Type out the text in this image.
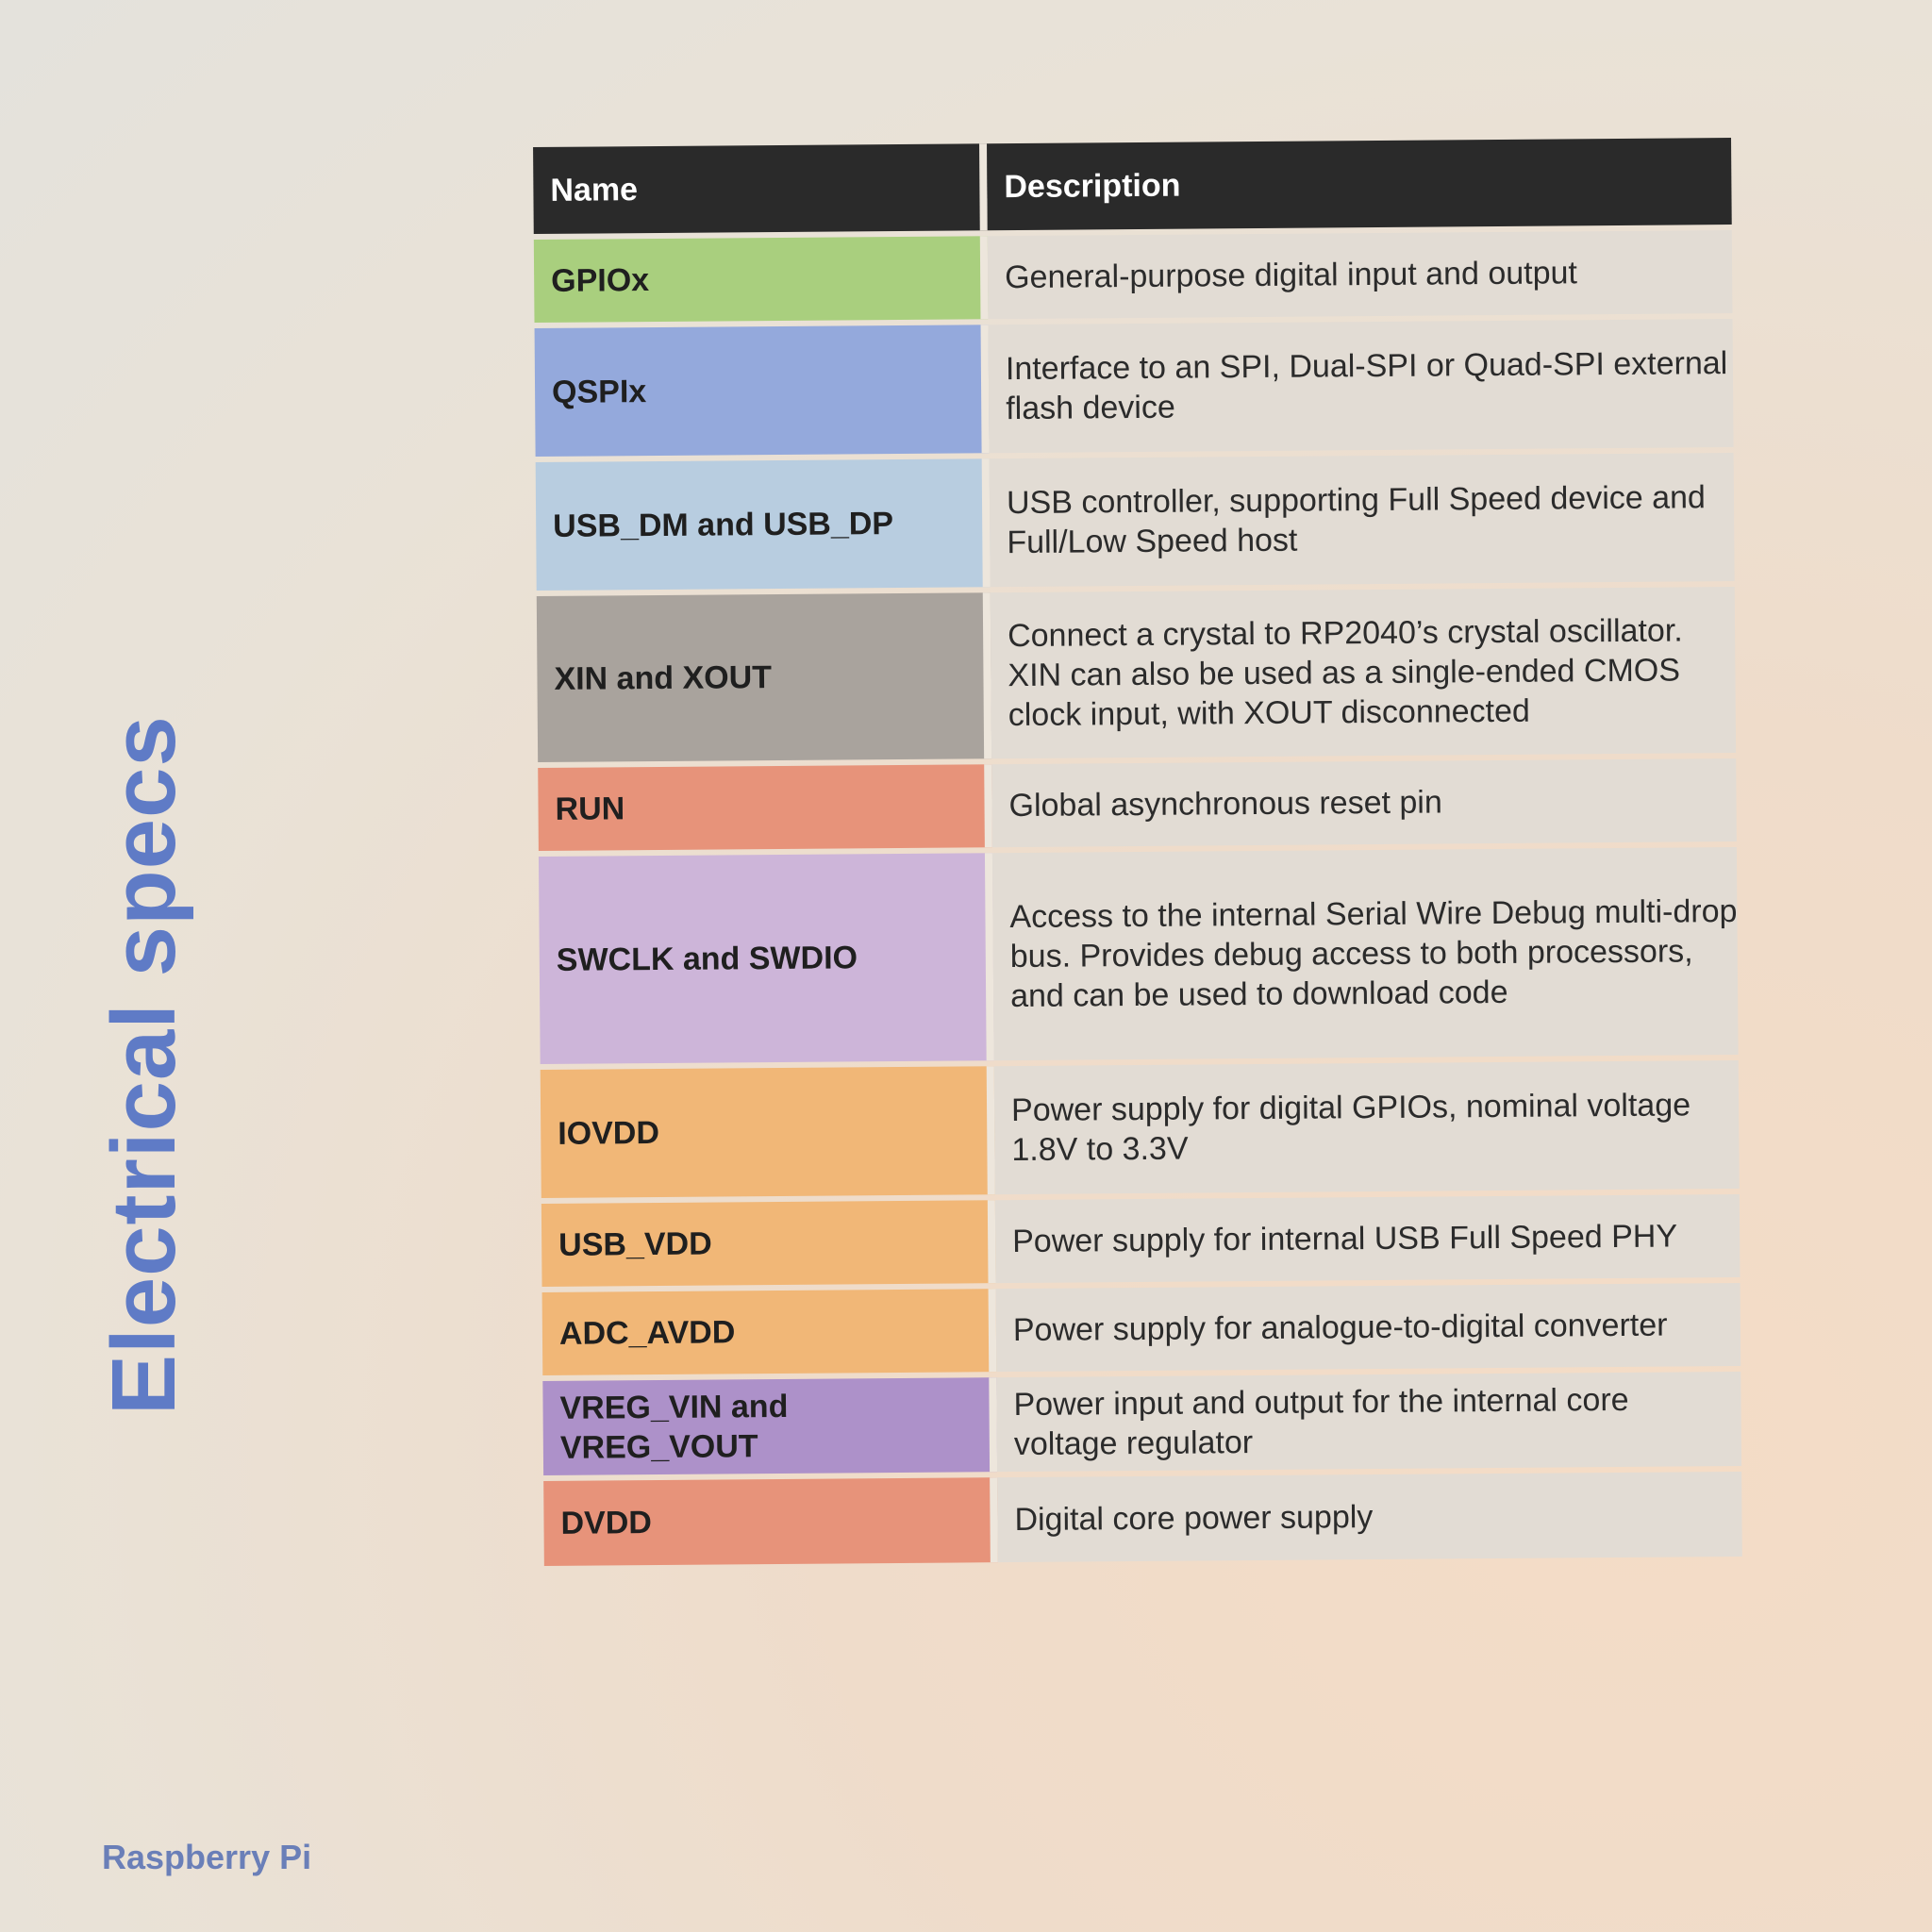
Electrical specs
Name	Description
GPIOx	General-purpose digital input and output
QSPIx	Interface to an SPI, Dual-SPI or Quad-SPI external flash device
USB_DM and USB_DP	USB controller, supporting Full Speed device and Full/Low Speed host
XIN and XOUT	Connect a crystal to RP2040’s crystal oscillator. XIN can also be used as a single-ended CMOS clock input, with XOUT disconnected
RUN	Global asynchronous reset pin
SWCLK and SWDIO	Access to the internal Serial Wire Debug multi-drop bus. Provides debug access to both processors, and can be used to download code
IOVDD	Power supply for digital GPIOs, nominal voltage 1.8V to 3.3V
USB_VDD	Power supply for internal USB Full Speed PHY
ADC_AVDD	Power supply for analogue-to-digital converter
VREG_VIN and VREG_VOUT	Power input and output for the internal core voltage regulator
DVDD	Digital core power supply
Raspberry Pi
